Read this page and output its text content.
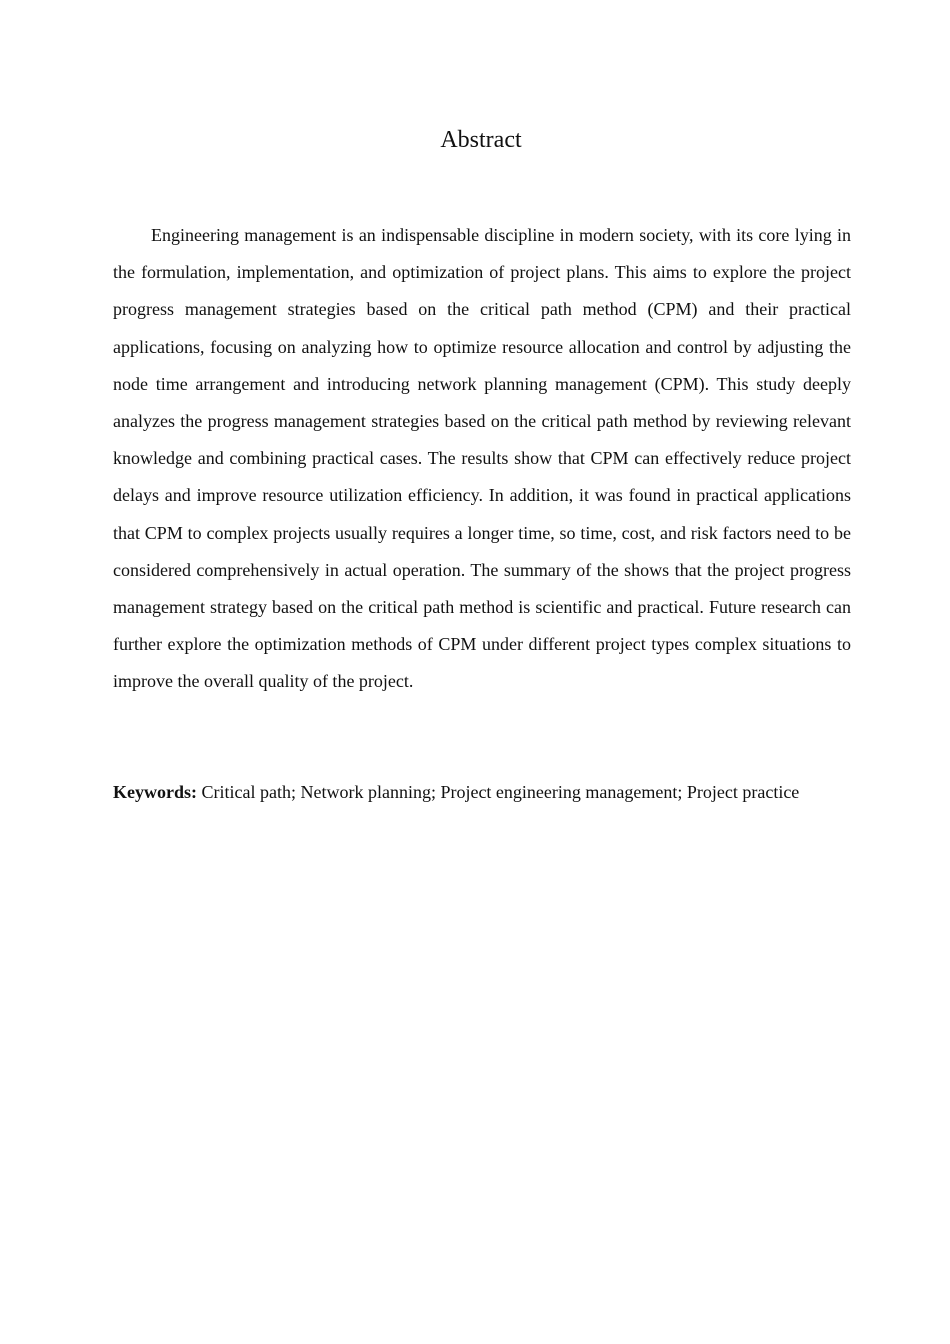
Abstract

Engineering management is an indispensable discipline in modern society, with its core lying in the formulation, implementation, and optimization of project plans. This aims to explore the project progress management strategies based on the critical path method (CPM) and their practical applications, focusing on analyzing how to optimize resource allocation and control by adjusting the node time arrangement and introducing network planning management (CPM). This study deeply analyzes the progress management strategies based on the critical path method by reviewing relevant knowledge and combining practical cases. The results show that CPM can effectively reduce project delays and improve resource utilization efficiency. In addition, it was found in practical applications that CPM to complex projects usually requires a longer time, so time, cost, and risk factors need to be considered comprehensively in actual operation. The summary of the shows that the project progress management strategy based on the critical path method is scientific and practical. Future research can further explore the optimization methods of CPM under different project types complex situations to improve the overall quality of the project.

Keywords: Critical path; Network planning; Project engineering management; Project practice
